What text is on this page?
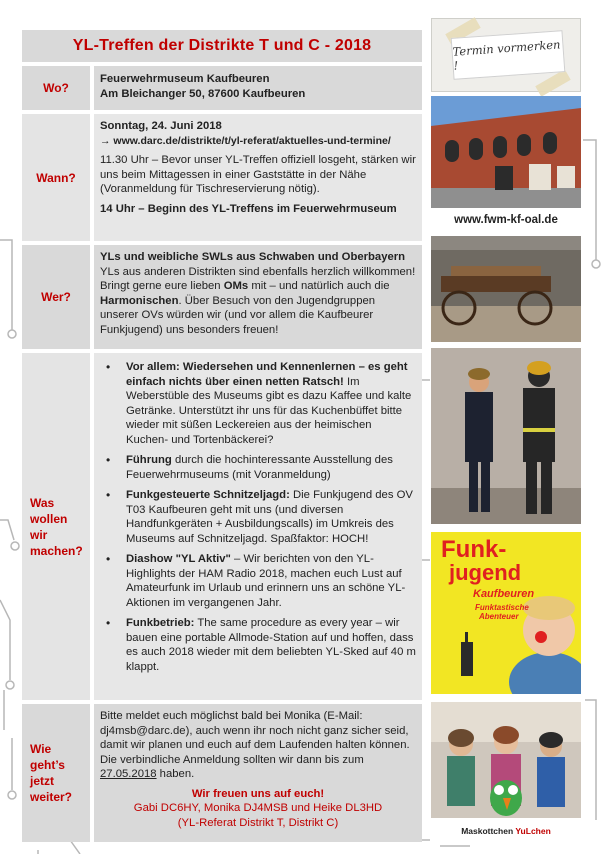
YL-Treffen der Distrikte T und C - 2018
Wo?
Feuerwehrmuseum Kaufbeuren
Am Bleichanger 50, 87600 Kaufbeuren
Wann?
Sonntag, 24. Juni 2018

→ www.darc.de/distrikte/t/yl-referat/aktuelles-und-termine/

11.30 Uhr – Bevor unser YL-Treffen offiziell losgeht, stärken wir uns beim Mittagessen in einer Gaststätte in der Nähe (Voranmeldung für Tischreservierung nötig).

14 Uhr – Beginn des YL-Treffens im Feuerwehrmuseum

Wer?
YLs und weibliche SWLs aus Schwaben und Oberbayern
YLs aus anderen Distrikten sind ebenfalls herzlich willkommen! Bringt gerne eure lieben OMs mit – und natürlich auch die Harmonischen. Über Besuch von den Jugendgruppen unserer OVs würden wir (und vor allem die Kaufbeurer Funkjugend) uns besonders freuen!
Was wollen wir machen?
• Vor allem: Wiedersehen und Kennenlernen – es geht einfach nichts über einen netten Ratsch! Im Weberstüble des Museums gibt es dazu Kaffee und kalte Getränke. Unterstützt ihr uns für das Kuchenbüffet bitte wieder mit süßen Leckereien aus der heimischen Kuchen- und Tortenbäckerei?
• Führung durch die hochinteressante Ausstellung des Feuerwehrmuseums (mit Voranmeldung)
• Funkgesteuerte Schnitzeljagd: Die Funkjugend des OV T03 Kaufbeuren geht mit uns (und diversen Handfunkgeräten + Ausbildungscalls) im Umkreis des Museums auf Schnitzeljagd. Spaßfaktor: HOCH!
• Diashow "YL Aktiv" – Wir berichten von den YL-Highlights der HAM Radio 2018, machen euch Lust auf Amateurfunk im Urlaub und erinnern uns an schöne YL-Aktionen im vergangenen Jahr.
• Funkbetrieb: The same procedure as every year – wir bauen eine portable Allmode-Station auf und hoffen, dass es auch 2018 wieder mit dem beliebten YL-Sked auf 40 m klappt.
Wie geht’s jetzt weiter?

Bitte meldet euch möglichst bald bei Monika (E-Mail: dj4msb@darc.de), auch wenn ihr noch nicht ganz sicher seid, damit wir planen und euch auf dem Laufenden halten können. Die verbindliche Anmeldung sollten wir dann bis zum 27.05.2018 haben.

Wir freuen uns auf euch!
Gabi DC6HY, Monika DJ4MSB und Heike DL3HD
(YL-Referat Distrikt T, Distrikt C)
Termin vormerken !
www.fwm-kf-oal.de
Funk-
jugend
Kaufbeuren
Funktastische
Abenteuer
Maskottchen YuLchen
